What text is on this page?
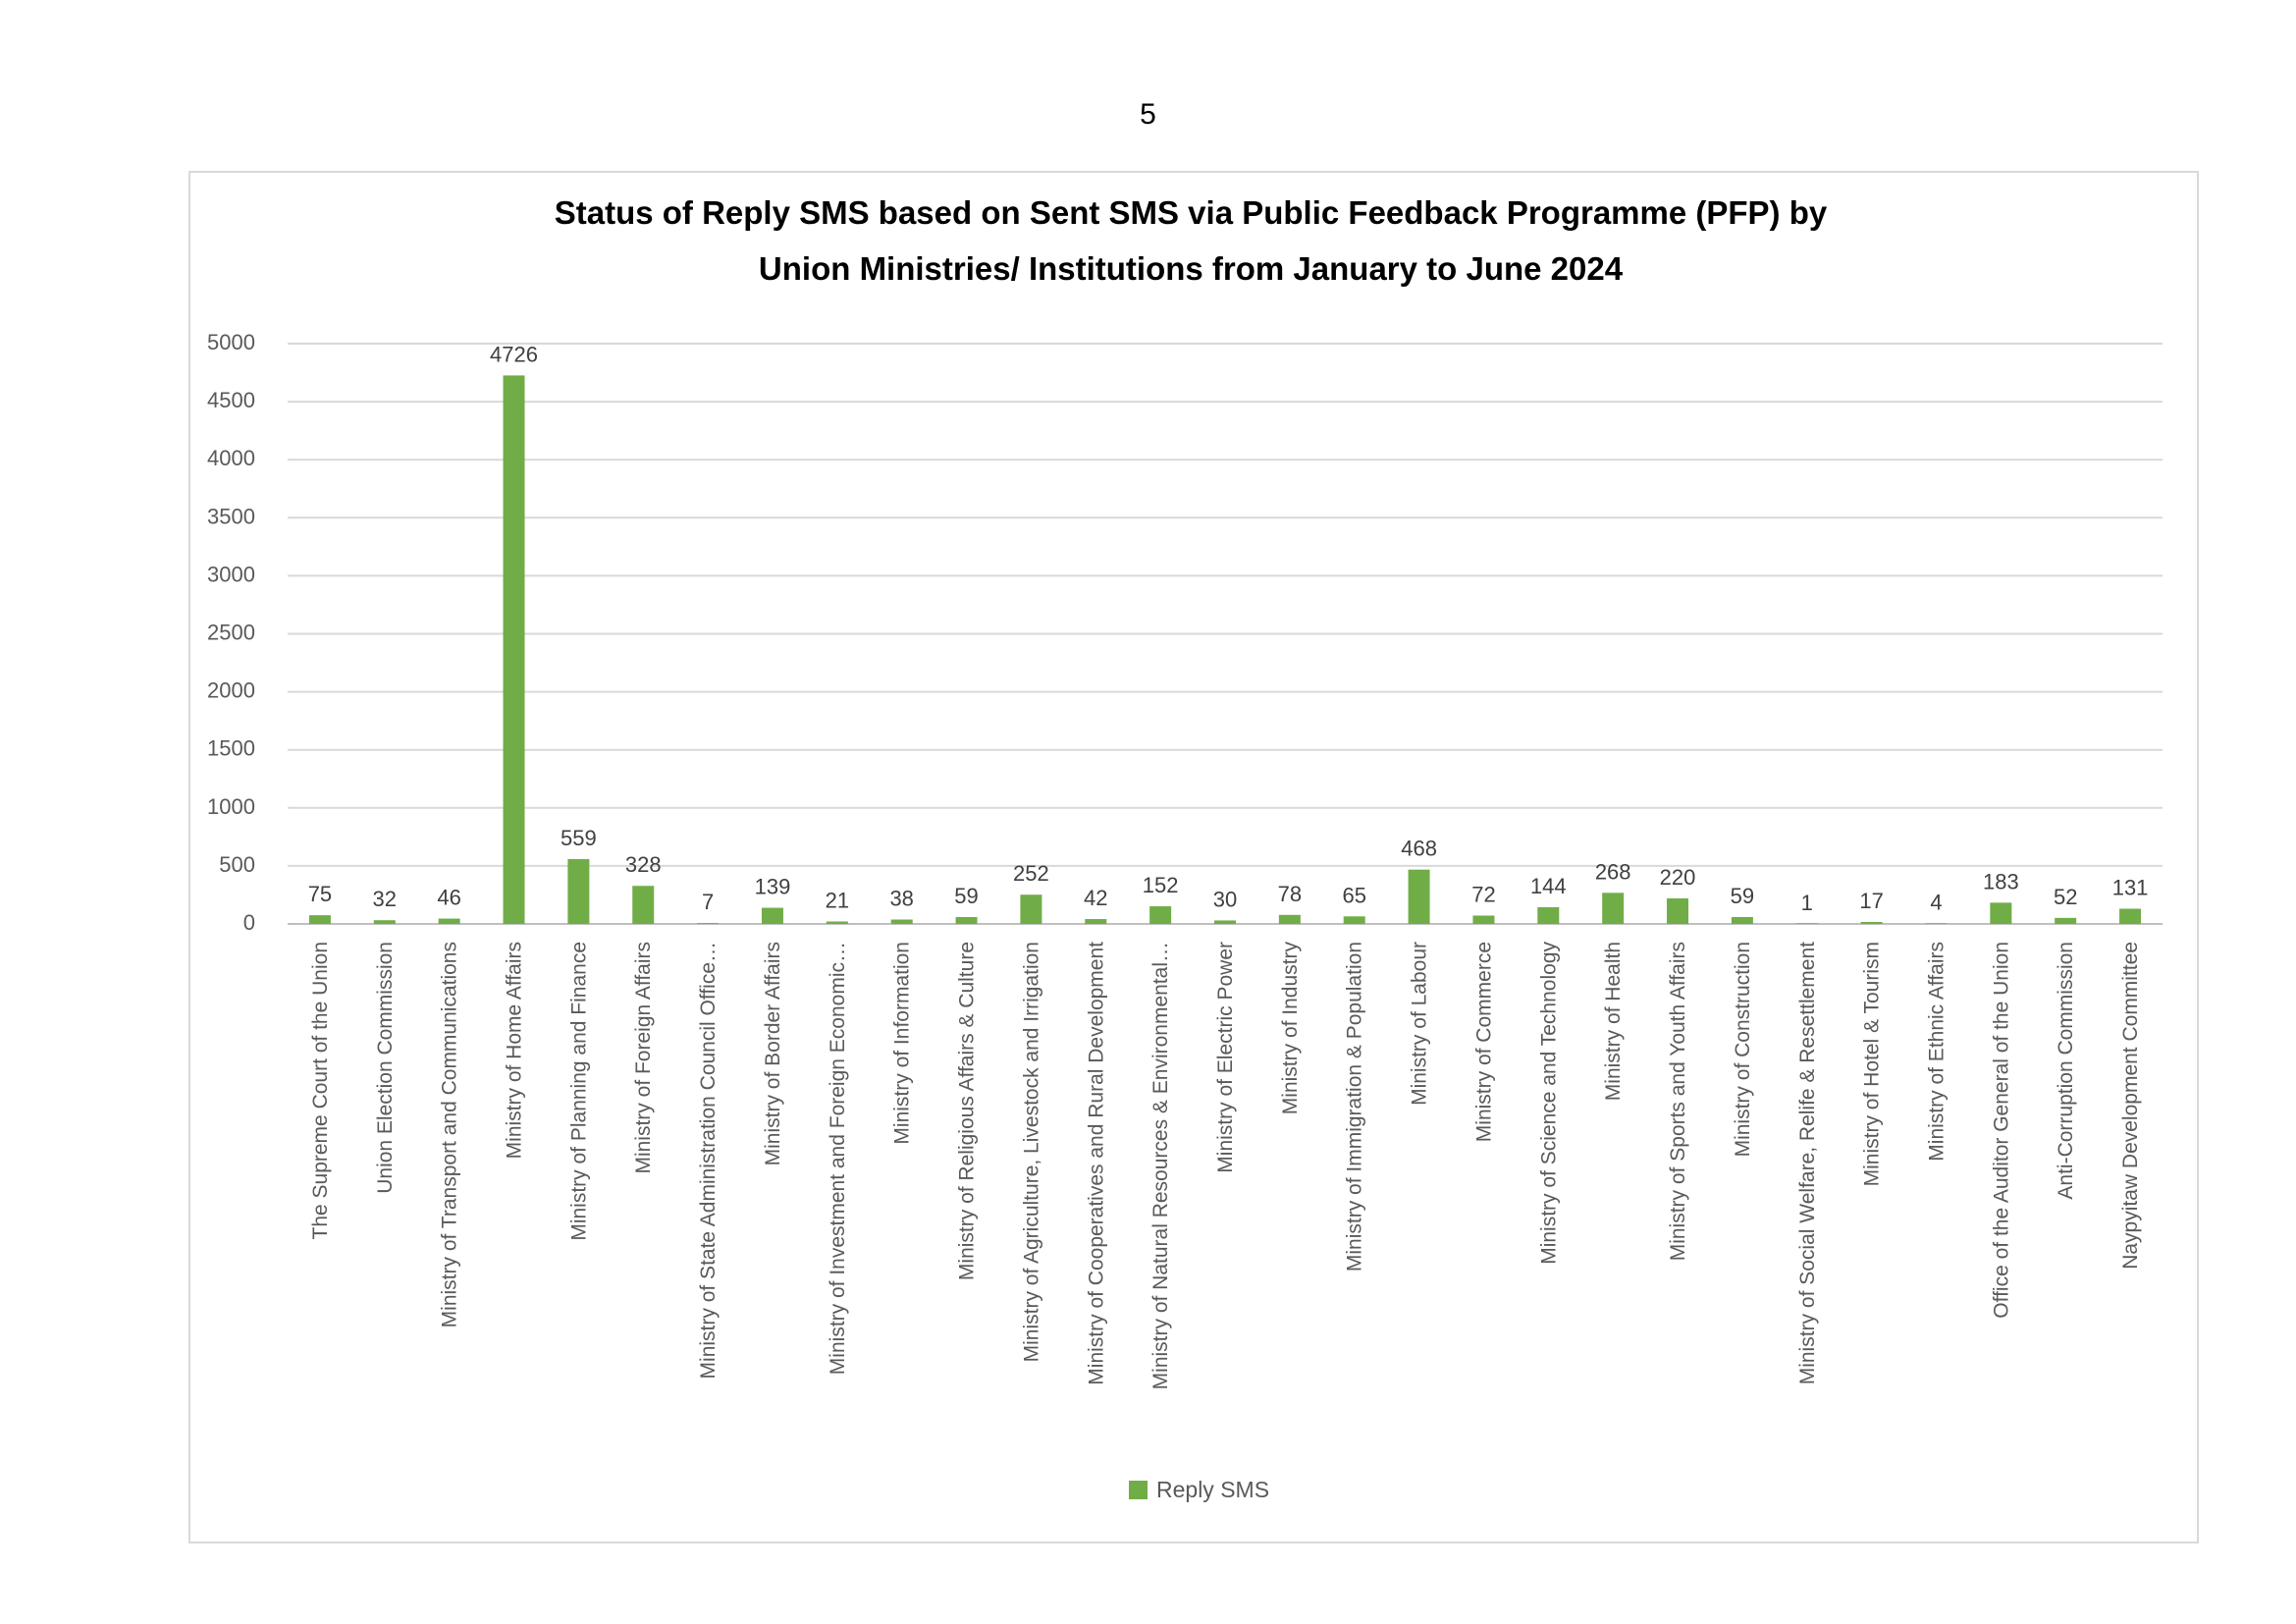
5
Status of Reply SMS based on Sent SMS via Public Feedback Programme (PFP) by
Union Ministries/ Institutions from January to June 2024
0
500
1000
1500
2000
2500
3000
3500
4000
4500
5000
75 32 46
4726
559
328
7
139
21 38 59
252
42
152
30 78 65
468
72 144
268 220
59 1 17 4
183
52 131
The Supreme Court of the Union Union Election Commission Ministry of Transport and Communications Ministry of Home Affairs Ministry of Planning and Finance Ministry of Foreign Affairs Ministry of State Administration Council Office… Ministry of Border Affairs Ministry of Investment and Foreign Economic… Ministry of Information Ministry of Religious Affairs & Culture Ministry of Agriculture, Livestock and Irrigation Ministry of Cooperatives and Rural Development Ministry of Natural Resources & Environmental… Ministry of Electric Power Ministry of Industry Ministry of Immigration & Population Ministry of Labour Ministry of Commerce Ministry of Science and Technology Ministry of Health Ministry of Sports and Youth Affairs Ministry of Construction Ministry of Social Welfare, Relife & Resettlement Ministry of Hotel & Tourism Ministry of Ethnic Affairs Office of the Auditor General of the Union Anti-Corruption Commission Naypyitaw Development Committee
Reply SMS
